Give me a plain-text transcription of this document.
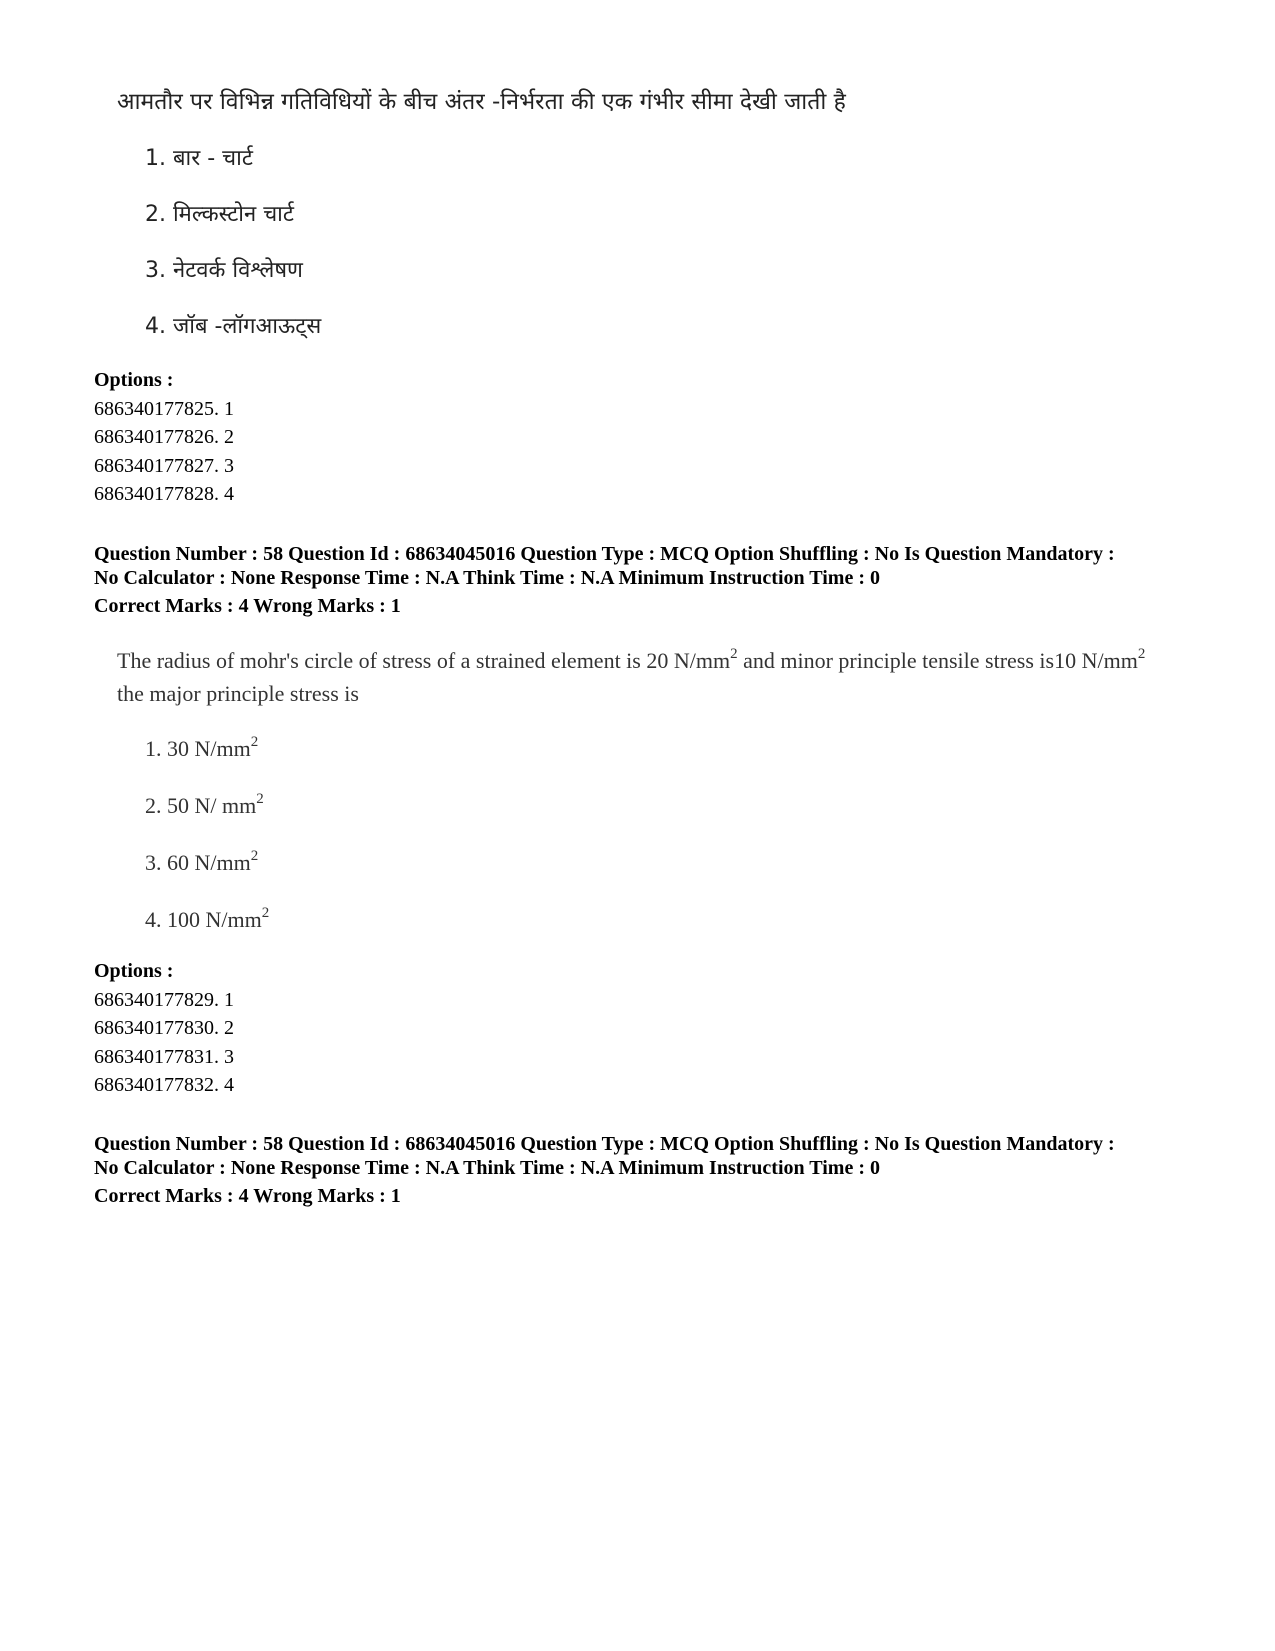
आमतौर पर विभिन्न गतिविधियों के बीच अंतर -निर्भरता की एक गंभीर सीमा देखी जाती है

1. बार - चार्ट
2. मिल्कस्टोन चार्ट
3. नेटवर्क विश्लेषण
4. जॉब -लॉगआऊट्स
Options :
686340177825. 1
686340177826. 2
686340177827. 3
686340177828. 4
Question Number : 58 Question Id : 68634045016 Question Type : MCQ Option Shuffling : No Is Question Mandatory :
No Calculator : None Response Time : N.A Think Time : N.A Minimum Instruction Time : 0
Correct Marks : 4 Wrong Marks : 1

The radius of mohr's circle of stress of a strained element is 20 $N/mm^2$ and minor principle tensile stress is10 $N/mm^2$ the major principle stress is

1. 30 $N/mm^2$
2. 50 N/ $mm^2$
3. 60 $N/mm^2$
4. 100 $N/mm^2$
Options :
686340177829. 1
686340177830. 2
686340177831. 3
686340177832. 4
Question Number : 58 Question Id : 68634045016 Question Type : MCQ Option Shuffling : No Is Question Mandatory :
No Calculator : None Response Time : N.A Think Time : N.A Minimum Instruction Time : 0
Correct Marks : 4 Wrong Marks : 1
